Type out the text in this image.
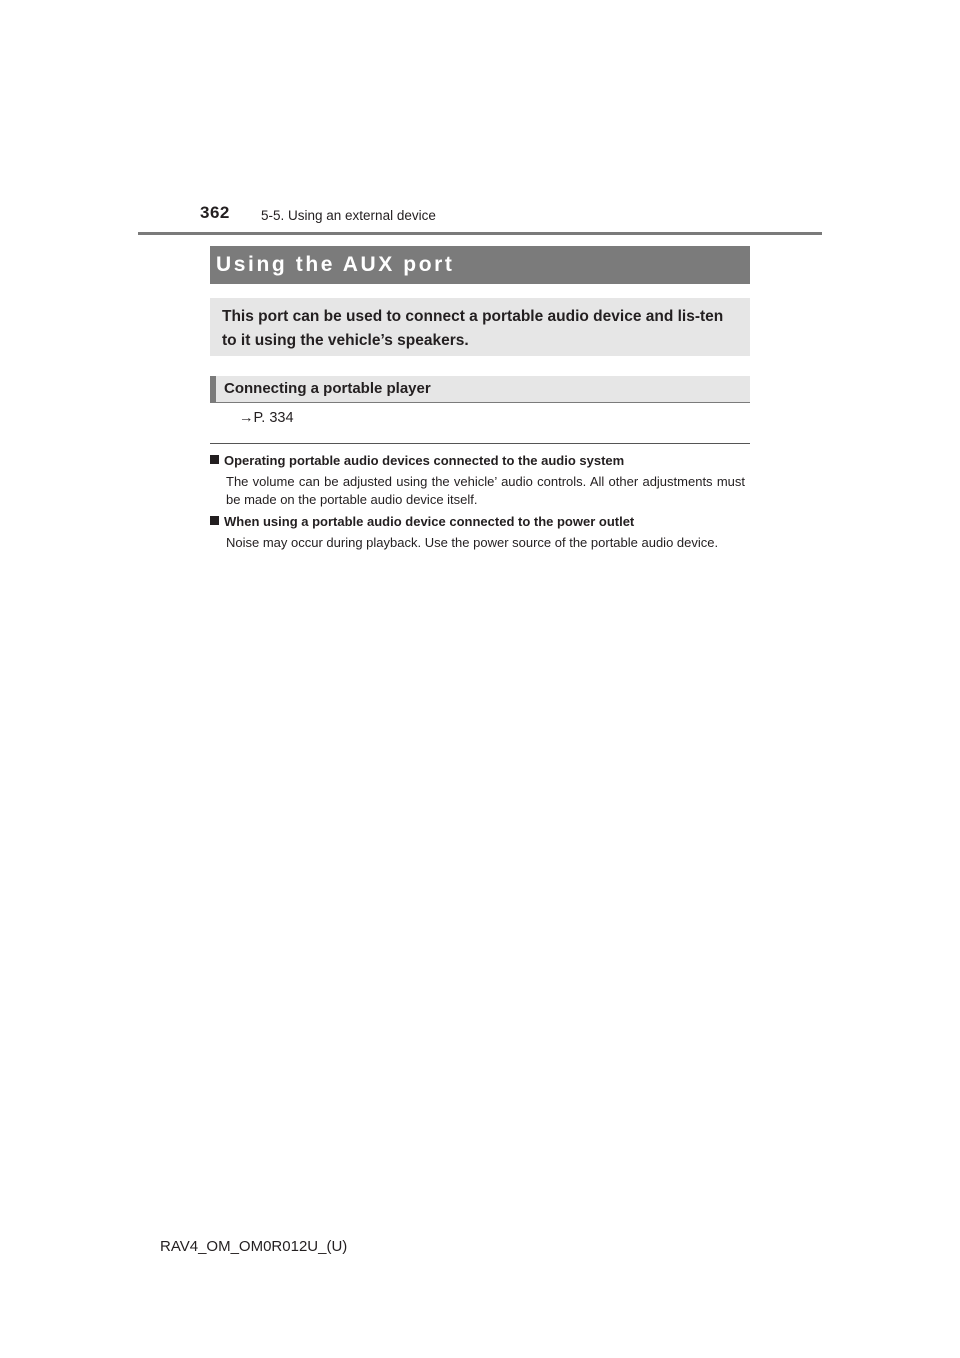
362 5-5. Using an external device
Using the AUX port
This port can be used to connect a portable audio device and lis-ten to it using the vehicle’s speakers.
Connecting a portable player
→P. 334

Operating portable audio devices connected to the audio system

The volume can be adjusted using the vehicle’ audio controls. All other adjustments must be made on the portable audio device itself.

When using a portable audio device connected to the power outlet

Noise may occur during playback. Use the power source of the portable audio device.

RAV4_OM_OM0R012U_(U)
